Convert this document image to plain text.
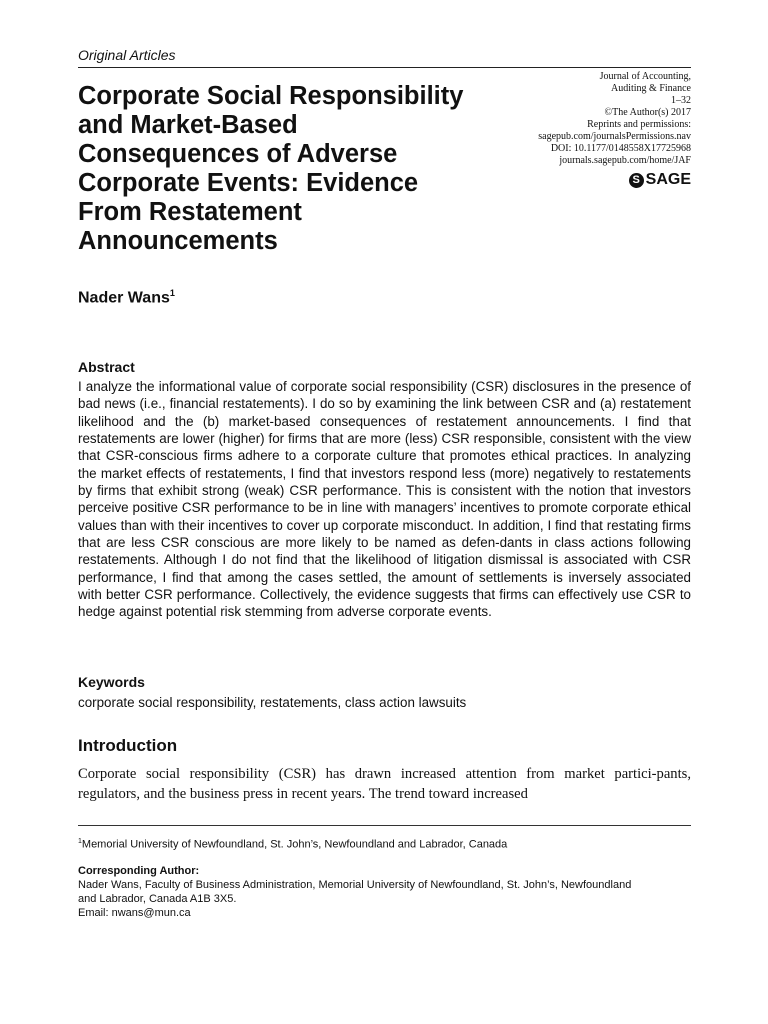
Original Articles
Journal of Accounting,
Auditing & Finance
1–32
©The Author(s) 2017
Reprints and permissions:
sagepub.com/journalsPermissions.nav
DOI: 10.1177/0148558X17725968
journals.sagepub.com/home/JAF
S SAGE
Corporate Social Responsibility
and Market-Based
Consequences of Adverse
Corporate Events: Evidence
From Restatement
Announcements
Nader Wans$^1$
Abstract

I analyze the informational value of corporate social responsibility (CSR) disclosures in the presence of bad news (i.e., financial restatements). I do so by examining the link between CSR and (a) restatement likelihood and the (b) market-based consequences of restatement announcements. I find that restatements are lower (higher) for firms that are more (less) CSR responsible, consistent with the view that CSR-conscious firms adhere to a corporate culture that promotes ethical practices. In analyzing the market effects of restatements, I find that investors respond less (more) negatively to restatements by firms that exhibit strong (weak) CSR performance. This is consistent with the notion that investors perceive positive CSR performance to be in line with managers’ incentives to promote corporate ethical values than with their incentives to cover up corporate misconduct. In addition, I find that restating firms that are less CSR conscious are more likely to be named as defen-dants in class actions following restatements. Although I do not find that the likelihood of litigation dismissal is associated with CSR performance, I find that among the cases settled, the amount of settlements is inversely associated with better CSR performance. Collectively, the evidence suggests that firms can effectively use CSR to hedge against potential risk stemming from adverse corporate events.

Keywords
corporate social responsibility, restatements, class action lawsuits
Introduction

Corporate social responsibility (CSR) has drawn increased attention from market partici-pants, regulators, and the business press in recent years. The trend toward increased

$^1$Memorial University of Newfoundland, St. John’s, Newfoundland and Labrador, Canada
Corresponding Author:
Nader Wans, Faculty of Business Administration, Memorial University of Newfoundland, St. John’s, Newfoundland
and Labrador, Canada A1B 3X5.
Email: nwans@mun.ca
